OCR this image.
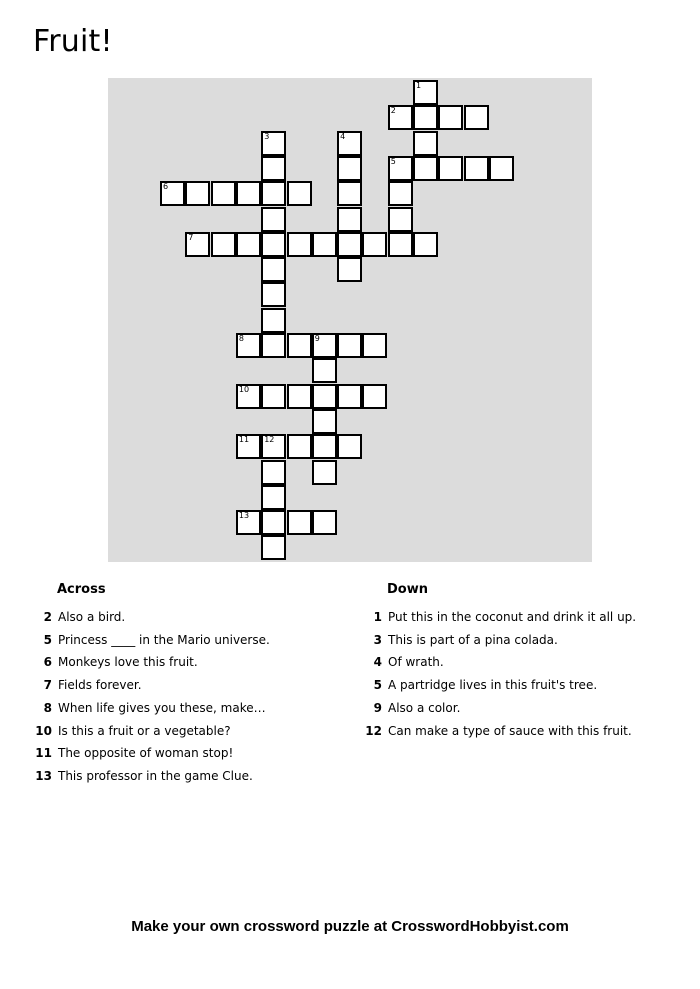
Fruit!
1
2
3	4
5
6
7
8	9
10
11 12
13
Across	Down
2 Also a bird.
5 Princess ____ in the Mario universe.
6 Monkeys love this fruit.
7 Fields forever.
8 When life gives you these, make…
10 Is this a fruit or a vegetable?
11 The opposite of woman stop!
13 This professor in the game Clue.
1 Put this in the coconut and drink it all up.
3 This is part of a pina colada.
4 Of wrath.
5 A partridge lives in this fruit's tree.
9 Also a color.
12 Can make a type of sauce with this fruit.
Make your own crossword puzzle at CrosswordHobbyist.com
